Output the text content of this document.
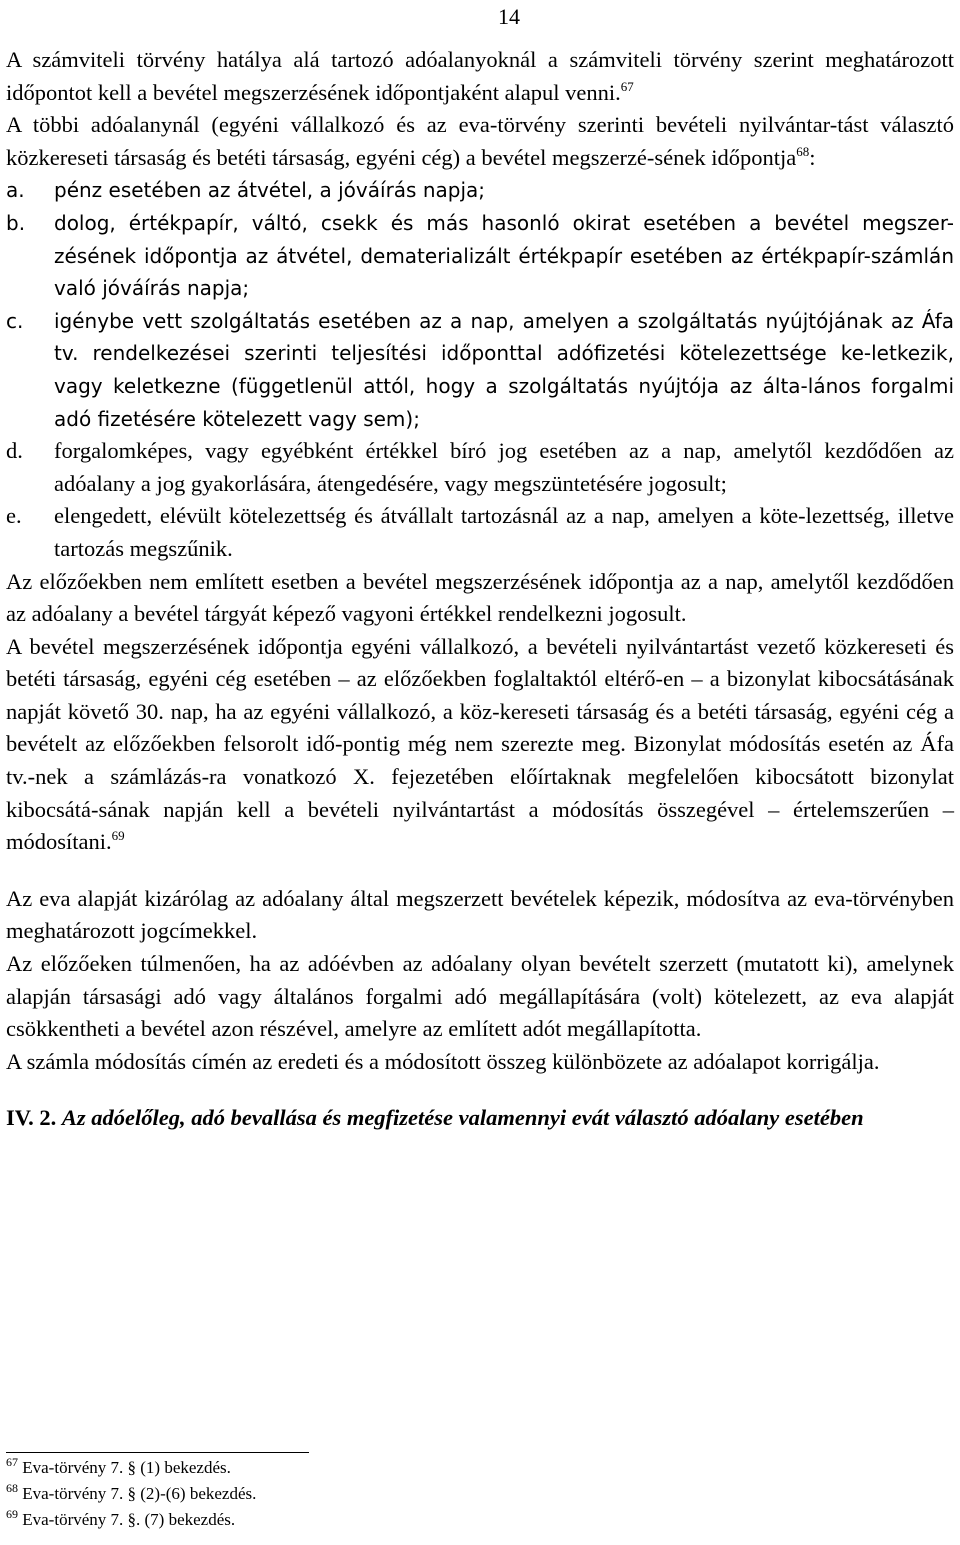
14

A számviteli törvény hatálya alá tartozó adóalanyoknál a számviteli törvény szerint meghatározott időpontot kell a bevétel megszerzésének időpontjaként alapul venni.$^{67}$

A többi adóalanynál (egyéni vállalkozó és az eva-törvény szerinti bevételi nyilvántar-tást választó közkereseti társaság és betéti társaság, egyéni cég) a bevétel megszerzé-sének időpontja$^{68}$:

a. pénz esetében az átvétel, a jóváírás napja;
b. dolog, értékpapír, váltó, csekk és más hasonló okirat esetében a bevétel megszer-zésének időpontja az átvétel, dematerializált értékpapír esetében az értékpapír-számlán való jóváírás napja;
c. igénybe vett szolgáltatás esetében az a nap, amelyen a szolgáltatás nyújtójának az Áfa tv. rendelkezései szerinti teljesítési időponttal adófizetési kötelezettsége ke-letkezik, vagy keletkezne (függetlenül attól, hogy a szolgáltatás nyújtója az álta-lános forgalmi adó fizetésére kötelezett vagy sem);
d. forgalomképes, vagy egyébként értékkel bíró jog esetében az a nap, amelytől kezdődően az adóalany a jog gyakorlására, átengedésére, vagy megszüntetésére jogosult;
e. elengedett, elévült kötelezettség és átvállalt tartozásnál az a nap, amelyen a köte-lezettség, illetve tartozás megszűnik.

Az előzőekben nem említett esetben a bevétel megszerzésének időpontja az a nap, amelytől kezdődően az adóalany a bevétel tárgyát képező vagyoni értékkel rendelkezni jogosult.

A bevétel megszerzésének időpontja egyéni vállalkozó, a bevételi nyilvántartást vezető közkereseti és betéti társaság, egyéni cég esetében – az előzőekben foglaltaktól eltérő-en – a bizonylat kibocsátásának napját követő 30. nap, ha az egyéni vállalkozó, a köz-kereseti társaság és a betéti társaság, egyéni cég a bevételt az előzőekben felsorolt idő-pontig még nem szerezte meg. Bizonylat módosítás esetén az Áfa tv.-nek a számlázás-ra vonatkozó X. fejezetében előírtaknak megfelelően kibocsátott bizonylat kibocsátá-sának napján kell a bevételi nyilvántartást a módosítás összegével – értelemszerűen – módosítani.$^{69}$

Az eva alapját kizárólag az adóalany által megszerzett bevételek képezik, módosítva az eva-törvényben meghatározott jogcímekkel.

Az előzőeken túlmenően, ha az adóévben az adóalany olyan bevételt szerzett (mutatott ki), amelynek alapján társasági adó vagy általános forgalmi adó megállapítására (volt) kötelezett, az eva alapját csökkentheti a bevétel azon részével, amelyre az említett adót megállapította.

A számla módosítás címén az eredeti és a módosított összeg különbözete az adóalapot korrigálja.

IV. 2. Az adóelőleg, adó bevallása és megfizetése valamennyi evát választó adóalany esetében

$^{67}$ Eva-törvény 7. § (1) bekezdés.

$^{68}$ Eva-törvény 7. § (2)-(6) bekezdés.

$^{69}$ Eva-törvény 7. §. (7) bekezdés.
